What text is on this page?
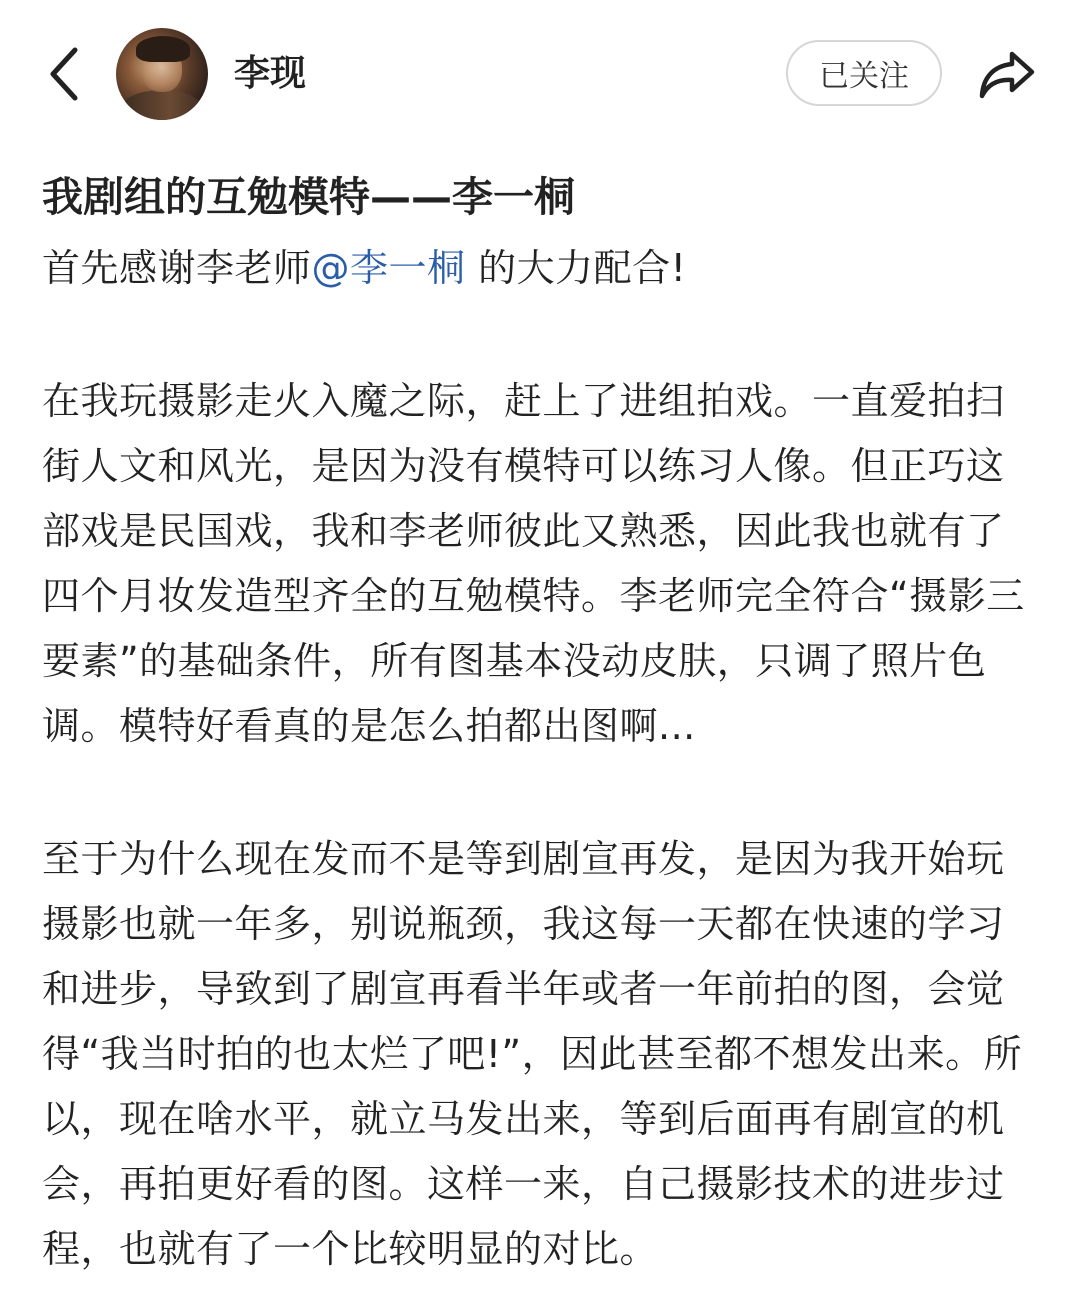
李现	已关注
我剧组的互勉模特——李一桐

首先感谢李老师@李一桐 的大力配合!

在我玩摄影走火入魔之际，赶上了进组拍戏。一直爱拍扫街人文和风光，是因为没有模特可以练习人像。但正巧这部戏是民国戏，我和李老师彼此又熟悉，因此我也就有了四个月妆发造型齐全的互勉模特。李老师完全符合“摄影三要素”的基础条件，所有图基本没动皮肤，只调了照片色调。模特好看真的是怎么拍都出图啊...

至于为什么现在发而不是等到剧宣再发，是因为我开始玩摄影也就一年多，别说瓶颈，我这每一天都在快速的学习和进步，导致到了剧宣再看半年或者一年前拍的图，会觉得“我当时拍的也太烂了吧!”，因此甚至都不想发出来。所以，现在啥水平，就立马发出来，等到后面再有剧宣的机会，再拍更好看的图。这样一来，自己摄影技术的进步过程，也就有了一个比较明显的对比。
